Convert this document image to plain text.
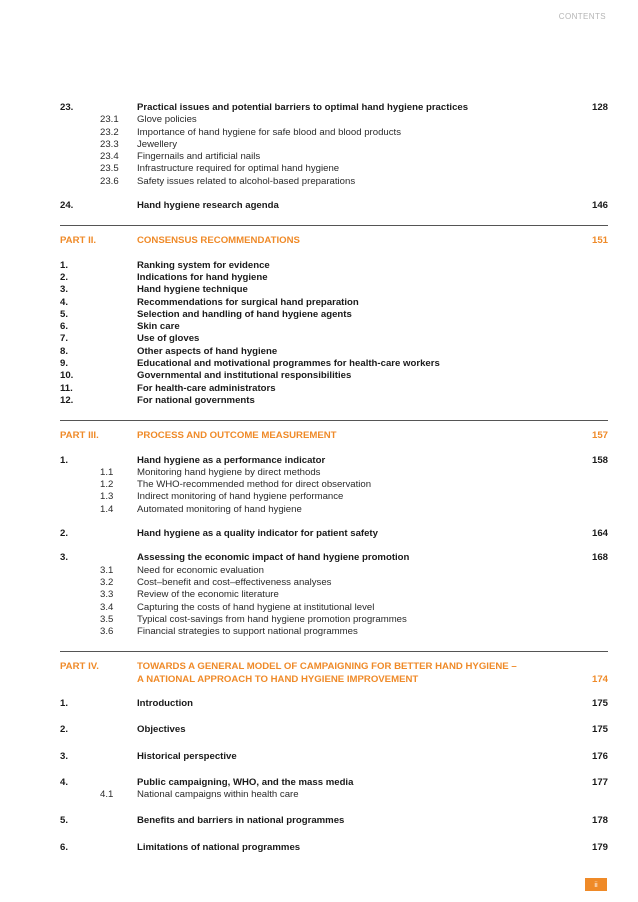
CONTENTS
23.	Practical issues and potential barriers to optimal hand hygiene practices	128
23.1 Glove policies
23.2 Importance of hand hygiene for safe blood and blood products
23.3 Jewellery
23.4 Fingernails and artificial nails
23.5 Infrastructure required for optimal hand hygiene
23.6 Safety issues related to alcohol-based preparations
24.	Hand hygiene research agenda	146
PART II.	CONSENSUS RECOMMENDATIONS	151
1.	Ranking system for evidence
2.	Indications for hand hygiene
3.	Hand hygiene technique
4.	Recommendations for surgical hand preparation
5.	Selection and handling of hand hygiene agents
6.	Skin care
7.	Use of gloves
8.	Other aspects of hand hygiene
9.	Educational and motivational programmes for health-care workers
10.	Governmental and institutional responsibilities
11.	For health-care administrators
12.	For national governments
PART III.	PROCESS AND OUTCOME MEASUREMENT	157
1.	Hand hygiene as a performance indicator	158
1.1 Monitoring hand hygiene by direct methods
1.2 The WHO-recommended method for direct observation
1.3 Indirect monitoring of hand hygiene performance
1.4 Automated monitoring of hand hygiene
2.	Hand hygiene as a quality indicator for patient safety	164
3.	Assessing the economic impact of hand hygiene promotion	168
3.1 Need for economic evaluation
3.2 Cost–benefit and cost–effectiveness analyses
3.3 Review of the economic literature
3.4 Capturing the costs of hand hygiene at institutional level
3.5 Typical cost-savings from hand hygiene promotion programmes
3.6 Financial strategies to support national programmes
PART IV.	TOWARDS A GENERAL MODEL OF CAMPAIGNING FOR BETTER HAND HYGIENE –
A NATIONAL APPROACH TO HAND HYGIENE IMPROVEMENT	174
1.	Introduction	175
2.	Objectives	175
3.	Historical perspective	176
4.	Public campaigning, WHO, and the mass media	177
4.1 National campaigns within health care
5.	Benefits and barriers in national programmes	178
6.	Limitations of national programmes	179
ii
